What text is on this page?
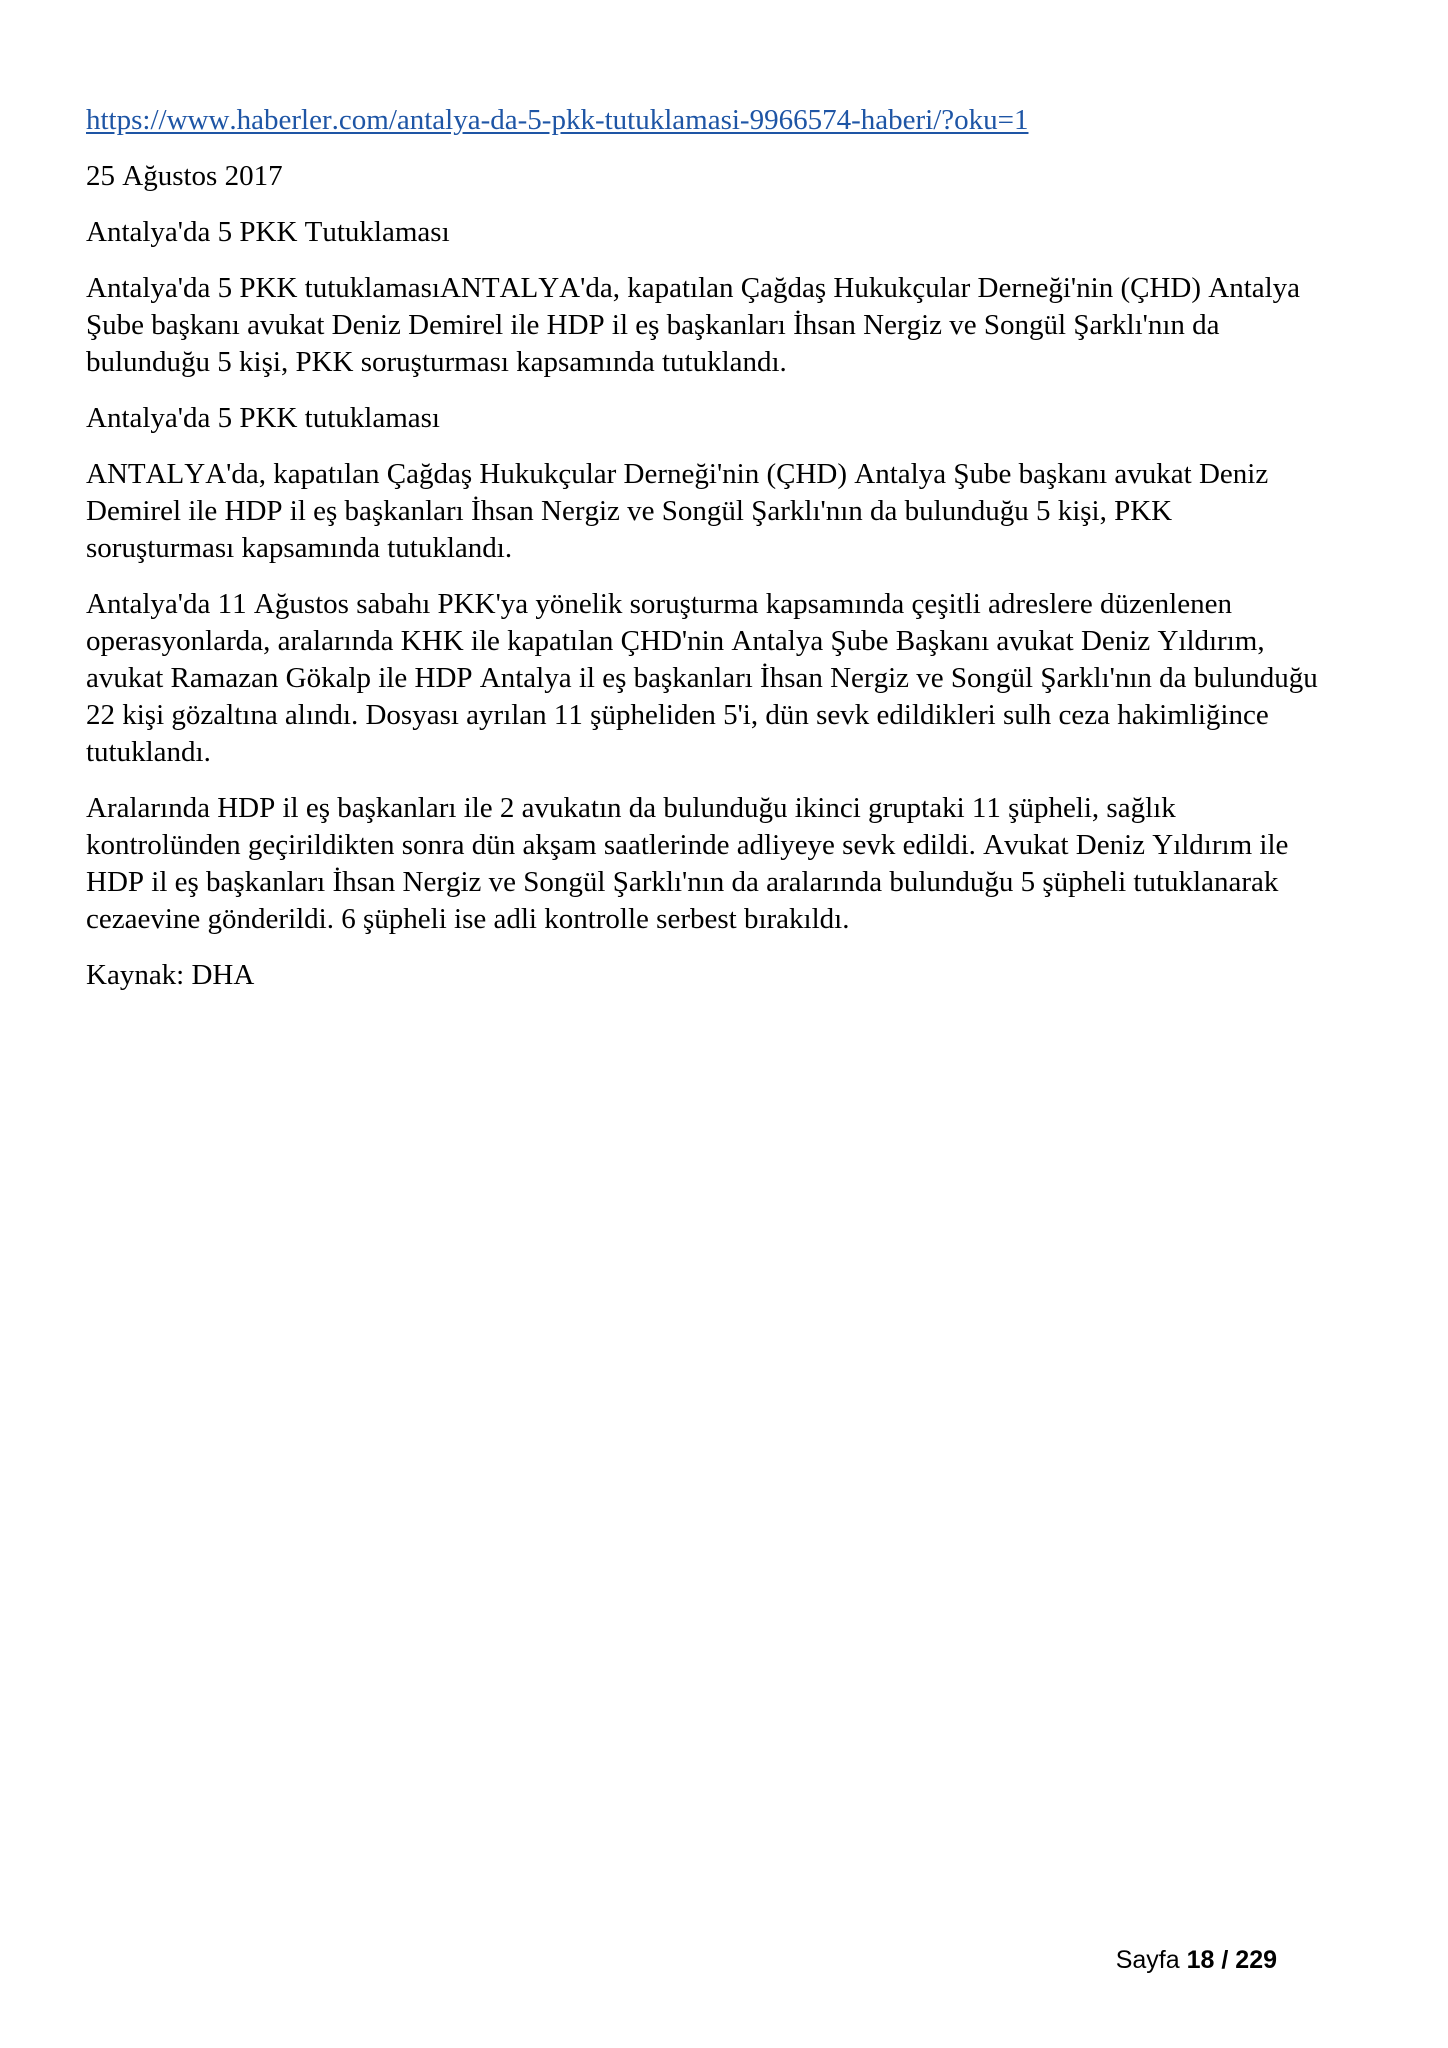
https://www.haberler.com/antalya-da-5-pkk-tutuklamasi-9966574-haberi/?oku=1

25 Ağustos 2017

Antalya'da 5 PKK Tutuklaması

Antalya'da 5 PKK tutuklamasıANTALYA'da, kapatılan Çağdaş Hukukçular Derneği'nin (ÇHD) Antalya Şube başkanı avukat Deniz Demirel ile HDP il eş başkanları İhsan Nergiz ve Songül Şarklı'nın da bulunduğu 5 kişi, PKK soruşturması kapsamında tutuklandı.

Antalya'da 5 PKK tutuklaması

ANTALYA'da, kapatılan Çağdaş Hukukçular Derneği'nin (ÇHD) Antalya Şube başkanı avukat Deniz Demirel ile HDP il eş başkanları İhsan Nergiz ve Songül Şarklı'nın da bulunduğu 5 kişi, PKK soruşturması kapsamında tutuklandı.

Antalya'da 11 Ağustos sabahı PKK'ya yönelik soruşturma kapsamında çeşitli adreslere düzenlenen operasyonlarda, aralarında KHK ile kapatılan ÇHD'nin Antalya Şube Başkanı avukat Deniz Yıldırım, avukat Ramazan Gökalp ile HDP Antalya il eş başkanları İhsan Nergiz ve Songül Şarklı'nın da bulunduğu 22 kişi gözaltına alındı. Dosyası ayrılan 11 şüpheliden 5'i, dün sevk edildikleri sulh ceza hakimliğince tutuklandı.

Aralarında HDP il eş başkanları ile 2 avukatın da bulunduğu ikinci gruptaki 11 şüpheli, sağlık kontrolünden geçirildikten sonra dün akşam saatlerinde adliyeye sevk edildi. Avukat Deniz Yıldırım ile HDP il eş başkanları İhsan Nergiz ve Songül Şarklı'nın da aralarında bulunduğu 5 şüpheli tutuklanarak cezaevine gönderildi. 6 şüpheli ise adli kontrolle serbest bırakıldı.

Kaynak: DHA

Sayfa 18 / 229
